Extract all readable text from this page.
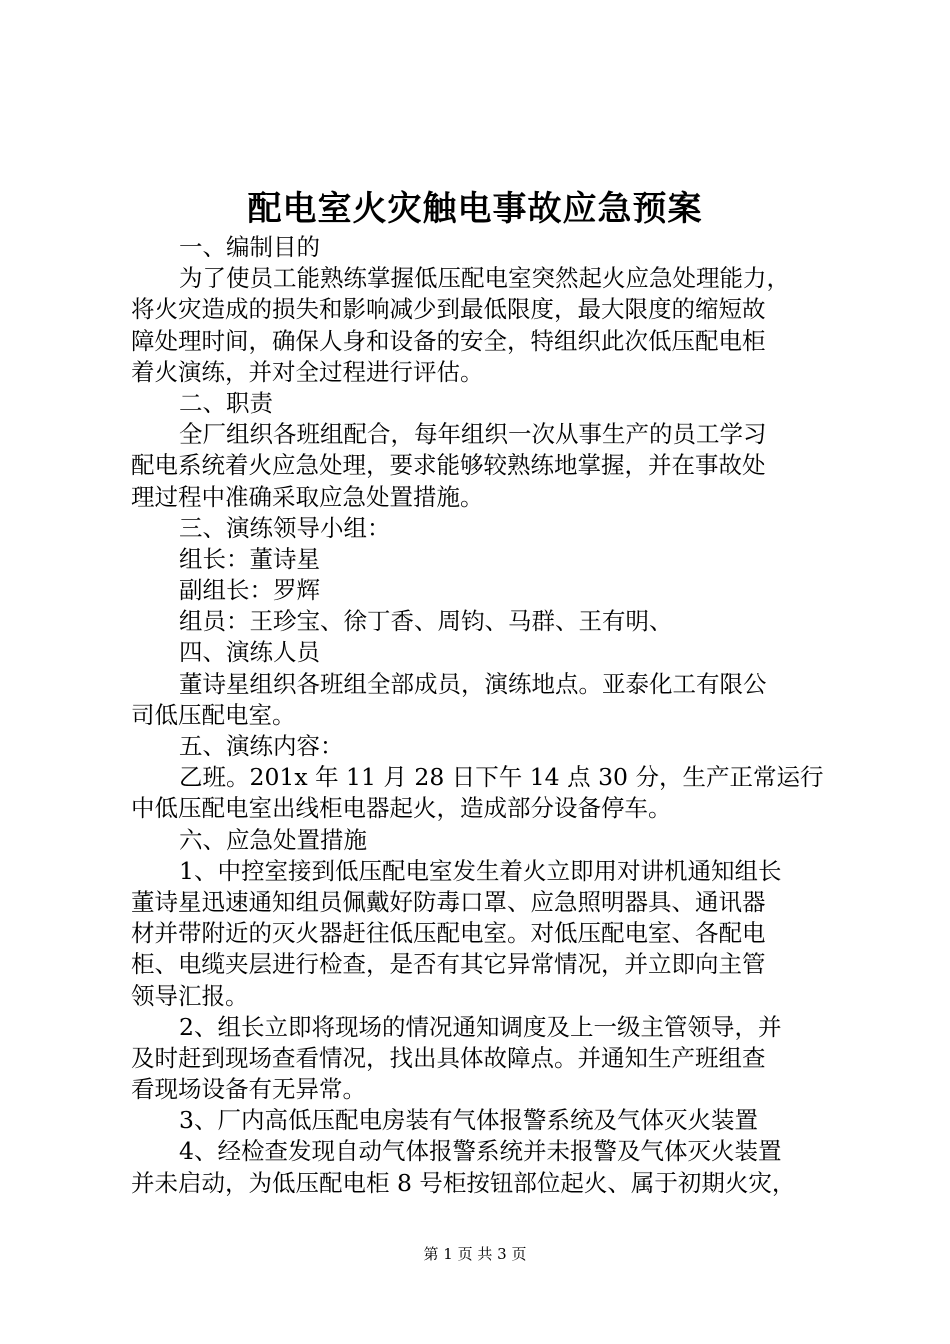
配电室火灾触电事故应急预案
一、编制目的
为了使员工能熟练掌握低压配电室突然起火应急处理能力，
将火灾造成的损失和影响减少到最低限度，最大限度的缩短故
障处理时间，确保人身和设备的安全，特组织此次低压配电柜
着火演练，并对全过程进行评估。
二、职责
全厂组织各班组配合，每年组织一次从事生产的员工学习
配电系统着火应急处理，要求能够较熟练地掌握，并在事故处
理过程中准确采取应急处置措施。
三、演练领导小组：
组长：董诗星
副组长：罗辉
组员：王珍宝、徐丁香、周钧、马群、王有明、
四、演练人员
董诗星组织各班组全部成员，演练地点。亚泰化工有限公
司低压配电室。
五、演练内容：
乙班。201x 年 11 月 28 日下午 14 点 30 分，生产正常运行
中低压配电室出线柜电器起火，造成部分设备停车。
六、应急处置措施
1、中控室接到低压配电室发生着火立即用对讲机通知组长
董诗星迅速通知组员佩戴好防毒口罩、应急照明器具、通讯器
材并带附近的灭火器赶往低压配电室。对低压配电室、各配电
柜、电缆夹层进行检查，是否有其它异常情况，并立即向主管
领导汇报。
2、组长立即将现场的情况通知调度及上一级主管领导，并
及时赶到现场查看情况，找出具体故障点。并通知生产班组查
看现场设备有无异常。
3、厂内高低压配电房装有气体报警系统及气体灭火装置
4、经检查发现自动气体报警系统并未报警及气体灭火装置
并未启动，为低压配电柜 8 号柜按钮部位起火、属于初期火灾，
第 1 页 共 3 页
